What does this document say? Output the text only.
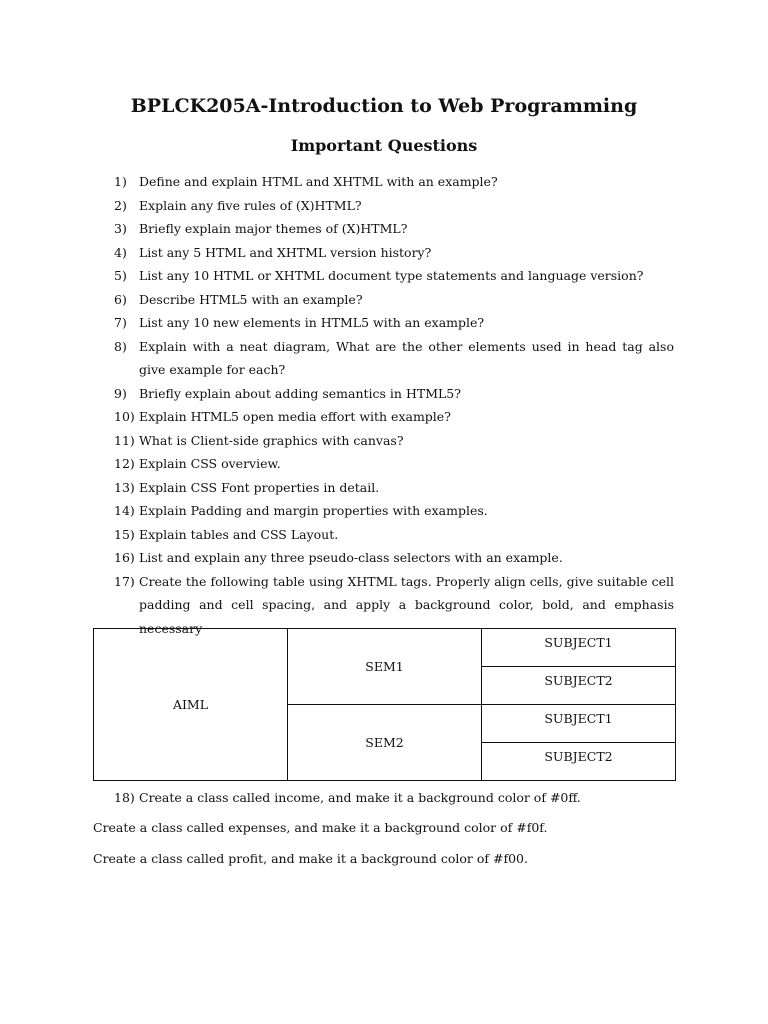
BPLCK205A-Introduction to Web Programming
Important Questions
1) Define and explain HTML and XHTML with an example?
2) Explain any five rules of (X)HTML?
3) Briefly explain major themes of (X)HTML?
4) List any 5 HTML and XHTML version history?
5) List any 10 HTML or XHTML document type statements and language version?
6) Describe HTML5 with an example?
7) List any 10 new elements in HTML5 with an example?
8) Explain with a neat diagram, What are the other elements used in head tag also give example for each?
9) Briefly explain about adding semantics in HTML5?
10) Explain HTML5 open media effort with example?
11) What is Client-side graphics with canvas?
12) Explain CSS overview.
13) Explain CSS Font properties in detail.
14) Explain Padding and margin properties with examples.
15) Explain tables and CSS Layout.
16) List and explain any three pseudo-class selectors with an example.
17) Create the following table using XHTML tags. Properly align cells, give suitable cell padding and cell spacing, and apply a background color, bold, and emphasis necessary
AIML	SEM1	SUBJECT1
		SUBJECT2
	SEM2	SUBJECT1
		SUBJECT2
18) Create a class called income, and make it a background color of #0ff.
Create a class called expenses, and make it a background color of #f0f.
Create a class called profit, and make it a background color of #f00.
